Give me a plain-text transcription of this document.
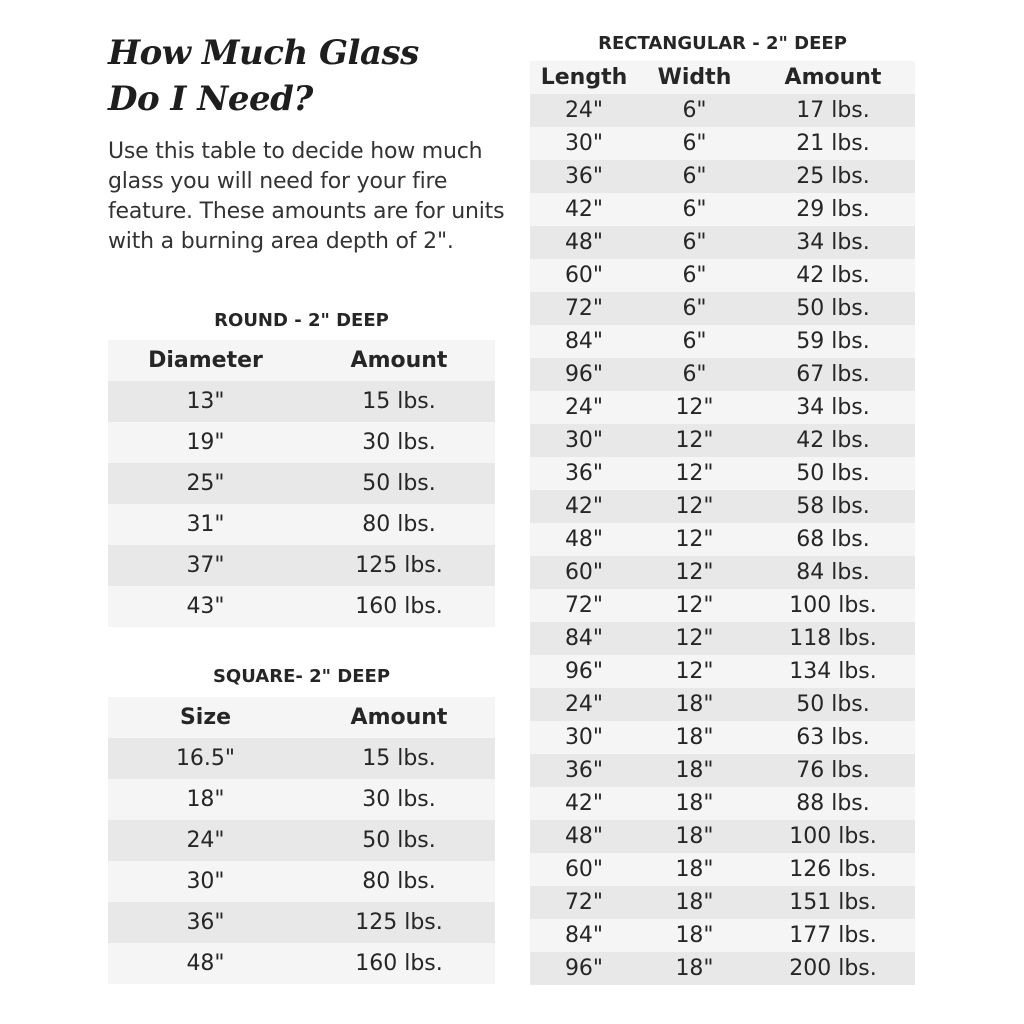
How Much Glass
Do I Need?

Use this table to decide how much glass you will need for your fire feature. These amounts are for units with a burning area depth of 2".

ROUND - 2" DEEP
Diameter	Amount
13"	15 lbs.
19"	30 lbs.
25"	50 lbs.
31"	80 lbs.
37"	125 lbs.
43"	160 lbs.
SQUARE- 2" DEEP
Size	Amount
16.5"	15 lbs.
18"	30 lbs.
24"	50 lbs.
30"	80 lbs.
36"	125 lbs.
48"	160 lbs.
RECTANGULAR - 2" DEEP
Length	Width	Amount
24"	6"	17 lbs.
30"	6"	21 lbs.
36"	6"	25 lbs.
42"	6"	29 lbs.
48"	6"	34 lbs.
60"	6"	42 lbs.
72"	6"	50 lbs.
84"	6"	59 lbs.
96"	6"	67 lbs.
24"	12"	34 lbs.
30"	12"	42 lbs.
36"	12"	50 lbs.
42"	12"	58 lbs.
48"	12"	68 lbs.
60"	12"	84 lbs.
72"	12"	100 lbs.
84"	12"	118 lbs.
96"	12"	134 lbs.
24"	18"	50 lbs.
30"	18"	63 lbs.
36"	18"	76 lbs.
42"	18"	88 lbs.
48"	18"	100 lbs.
60"	18"	126 lbs.
72"	18"	151 lbs.
84"	18"	177 lbs.
96"	18"	200 lbs.
